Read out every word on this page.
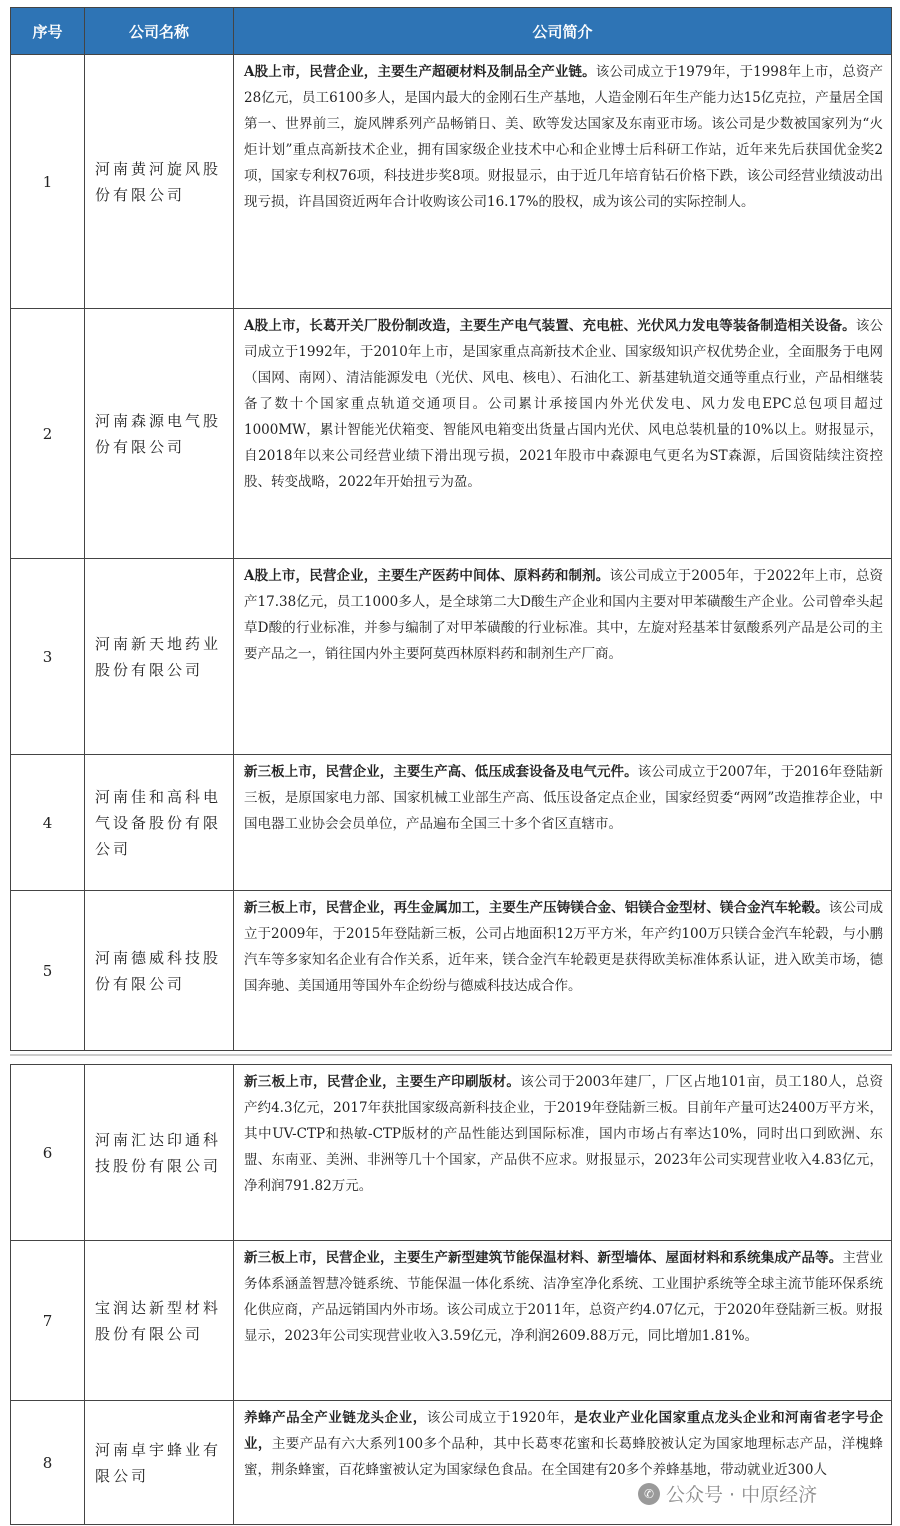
序号	公司名称	公司简介
1	河南黄河旋风股份有限公司	A股上市，民营企业，主要生产超硬材料及制品全产业链。该公司成立于1979年，于1998年上市，总资产28亿元，员工6100多人，是国内最大的金刚石生产基地，人造金刚石年生产能力达15亿克拉，产量居全国第一、世界前三，旋风牌系列产品畅销日、美、欧等发达国家及东南亚市场。该公司是少数被国家列为“火炬计划”重点高新技术企业，拥有国家级企业技术中心和企业博士后科研工作站，近年来先后获国优金奖2项，国家专利权76项，科技进步奖8项。财报显示，由于近几年培育钻石价格下跌，该公司经营业绩波动出现亏损，许昌国资近两年合计收购该公司16.17%的股权，成为该公司的实际控制人。
2	河南森源电气股份有限公司	A股上市，长葛开关厂股份制改造，主要生产电气装置、充电桩、光伏风力发电等装备制造相关设备。该公司成立于1992年，于2010年上市，是国家重点高新技术企业、国家级知识产权优势企业，全面服务于电网（国网、南网）、清洁能源发电（光伏、风电、核电）、石油化工、新基建轨道交通等重点行业，产品相继装备了数十个国家重点轨道交通项目。公司累计承接国内外光伏发电、风力发电EPC总包项目超过1000MW，累计智能光伏箱变、智能风电箱变出货量占国内光伏、风电总装机量的10%以上。财报显示，自2018年以来公司经营业绩下滑出现亏损，2021年股市中森源电气更名为ST森源，后国资陆续注资控股、转变战略，2022年开始扭亏为盈。
3	河南新天地药业股份有限公司	A股上市，民营企业，主要生产医药中间体、原料药和制剂。该公司成立于2005年，于2022年上市，总资产17.38亿元，员工1000多人，是全球第二大D酸生产企业和国内主要对甲苯磺酸生产企业。公司曾牵头起草D酸的行业标准，并参与编制了对甲苯磺酸的行业标准。其中，左旋对羟基苯甘氨酸系列产品是公司的主要产品之一，销往国内外主要阿莫西林原料药和制剂生产厂商。
4	河南佳和高科电气设备股份有限公司	新三板上市，民营企业，主要生产高、低压成套设备及电气元件。该公司成立于2007年，于2016年登陆新三板，是原国家电力部、国家机械工业部生产高、低压设备定点企业，国家经贸委“两网”改造推荐企业，中国电器工业协会会员单位，产品遍布全国三十多个省区直辖市。
5	河南德威科技股份有限公司	新三板上市，民营企业，再生金属加工，主要生产压铸镁合金、铝镁合金型材、镁合金汽车轮毂。该公司成立于2009年，于2015年登陆新三板，公司占地面积12万平方米，年产约100万只镁合金汽车轮毂，与小鹏汽车等多家知名企业有合作关系，近年来，镁合金汽车轮毂更是获得欧美标准体系认证，进入欧美市场，德国奔驰、美国通用等国外车企纷纷与德威科技达成合作。
6	河南汇达印通科技股份有限公司	新三板上市，民营企业，主要生产印刷版材。该公司于2003年建厂，厂区占地101亩，员工180人，总资产约4.3亿元，2017年获批国家级高新科技企业，于2019年登陆新三板。目前年产量可达2400万平方米，其中UV-CTP和热敏-CTP版材的产品性能达到国际标准，国内市场占有率达10%，同时出口到欧洲、东盟、东南亚、美洲、非洲等几十个国家，产品供不应求。财报显示，2023年公司实现营业收入4.83亿元，净利润791.82万元。
7	宝润达新型材料股份有限公司	新三板上市，民营企业，主要生产新型建筑节能保温材料、新型墙体、屋面材料和系统集成产品等。主营业务体系涵盖智慧冷链系统、节能保温一体化系统、洁净室净化系统、工业围护系统等全球主流节能环保系统化供应商，产品远销国内外市场。该公司成立于2011年，总资产约4.07亿元，于2020年登陆新三板。财报显示，2023年公司实现营业收入3.59亿元，净利润2609.88万元，同比增加1.81%。
8	河南卓宇蜂业有限公司	养蜂产品全产业链龙头企业，该公司成立于1920年，是农业产业化国家重点龙头企业和河南省老字号企业，主要产品有六大系列100多个品种，其中长葛枣花蜜和长葛蜂胶被认定为国家地理标志产品，洋槐蜂蜜，荆条蜂蜜，百花蜂蜜被认定为国家绿色食品。在全国建有20多个养蜂基地，带动就业近300人
✆ 公众号 · 中原经济
